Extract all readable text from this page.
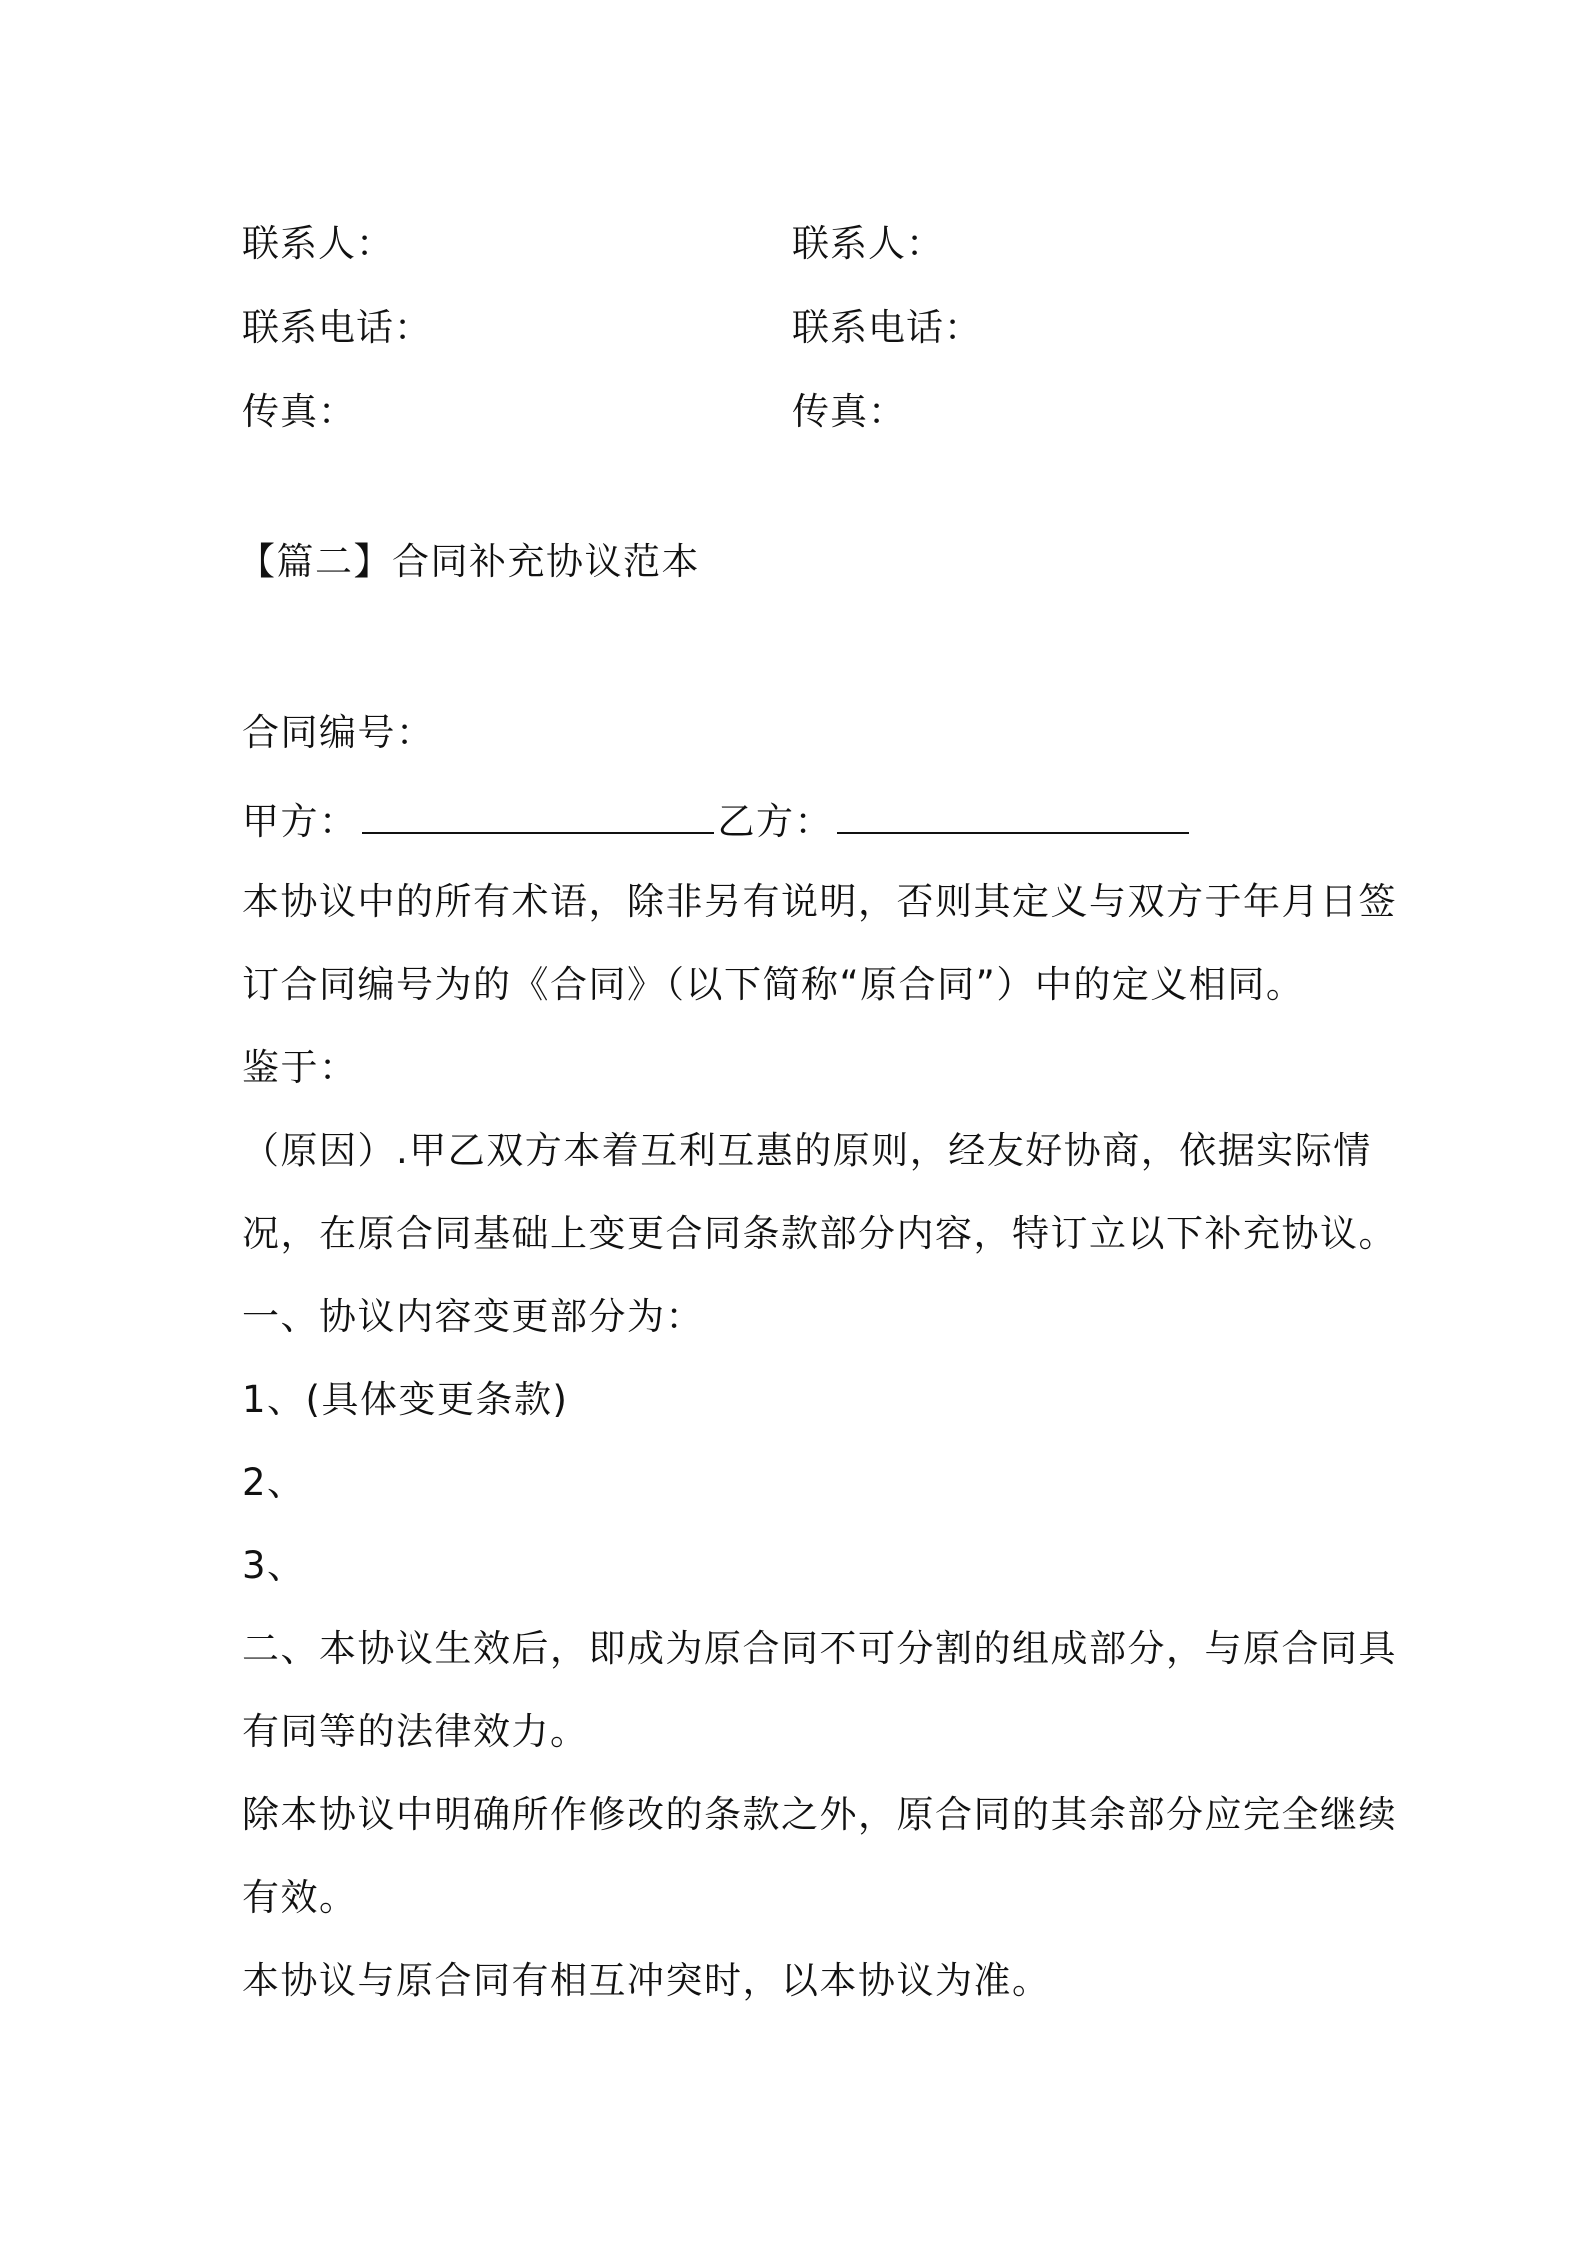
联系人：	联系人：
联系电话：	联系电话：
传真：	传真：
【篇二】合同补充协议范本
合同编号：
甲方：	乙方：
本协议中的所有术语，除非另有说明，否则其定义与双方于年月日签
订合同编号为的《合同》（以下简称“原合同”）中的定义相同。
鉴于：
（原因）.甲乙双方本着互利互惠的原则，经友好协商，依据实际情
况，在原合同基础上变更合同条款部分内容，特订立以下补充协议。
一、协议内容变更部分为：
1、(具体变更条款)
2、
3、
二、本协议生效后，即成为原合同不可分割的组成部分，与原合同具
有同等的法律效力。
除本协议中明确所作修改的条款之外，原合同的其余部分应完全继续
有效。
本协议与原合同有相互冲突时，以本协议为准。
